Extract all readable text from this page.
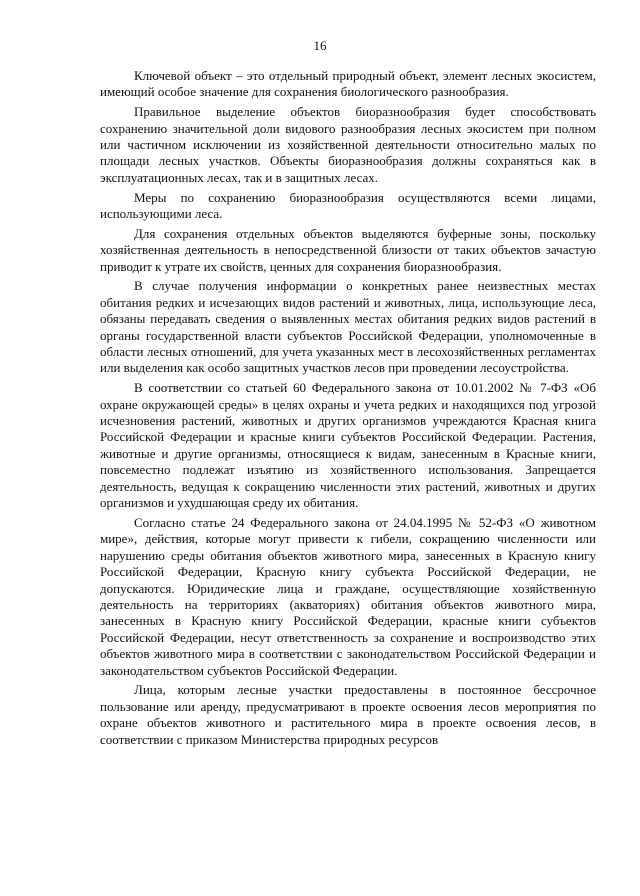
16

Ключевой объект – это отдельный природный объект, элемент лесных экосистем, имеющий особое значение для сохранения биологического разнообразия.

Правильное выделение объектов биоразнообразия будет способствовать сохранению значительной доли видового разнообразия лесных экосистем при полном или частичном исключении из хозяйственной деятельности относительно малых по площади лесных участков. Объекты биоразнообразия должны сохраняться как в эксплуатационных лесах, так и в защитных лесах.

Меры по сохранению биоразнообразия осуществляются всеми лицами, использующими леса.

Для сохранения отдельных объектов выделяются буферные зоны, поскольку хозяйственная деятельность в непосредственной близости от таких объектов зачастую приводит к утрате их свойств, ценных для сохранения биоразнообразия.

В случае получения информации о конкретных ранее неизвестных местах обитания редких и исчезающих видов растений и животных, лица, использующие леса, обязаны передавать сведения о выявленных местах обитания редких видов растений в органы государственной власти субъектов Российской Федерации, уполномоченные в области лесных отношений, для учета указанных мест в лесохозяйственных регламентах или выделения как особо защитных участков лесов при проведении лесоустройства.

В соответствии со статьей 60 Федерального закона от 10.01.2002 № 7-ФЗ «Об охране окружающей среды» в целях охраны и учета редких и находящихся под угрозой исчезновения растений, животных и других организмов учреждаются Красная книга Российской Федерации и красные книги субъектов Российской Федерации. Растения, животные и другие организмы, относящиеся к видам, занесенным в Красные книги, повсеместно подлежат изъятию из хозяйственного использования. Запрещается деятельность, ведущая к сокращению численности этих растений, животных и других организмов и ухудшающая среду их обитания.

Согласно статье 24 Федерального закона от 24.04.1995 № 52-ФЗ «О животном мире», действия, которые могут привести к гибели, сокращению численности или нарушению среды обитания объектов животного мира, занесенных в Красную книгу Российской Федерации, Красную книгу субъекта Российской Федерации, не допускаются. Юридические лица и граждане, осуществляющие хозяйственную деятельность на территориях (акваториях) обитания объектов животного мира, занесенных в Красную книгу Российской Федерации, красные книги субъектов Российской Федерации, несут ответственность за сохранение и воспроизводство этих объектов животного мира в соответствии с законодательством Российской Федерации и законодательством субъектов Российской Федерации.

Лица, которым лесные участки предоставлены в постоянное бессрочное пользование или аренду, предусматривают в проекте освоения лесов мероприятия по охране объектов животного и растительного мира в проекте освоения лесов, в соответствии с приказом Министерства природных ресурсов
